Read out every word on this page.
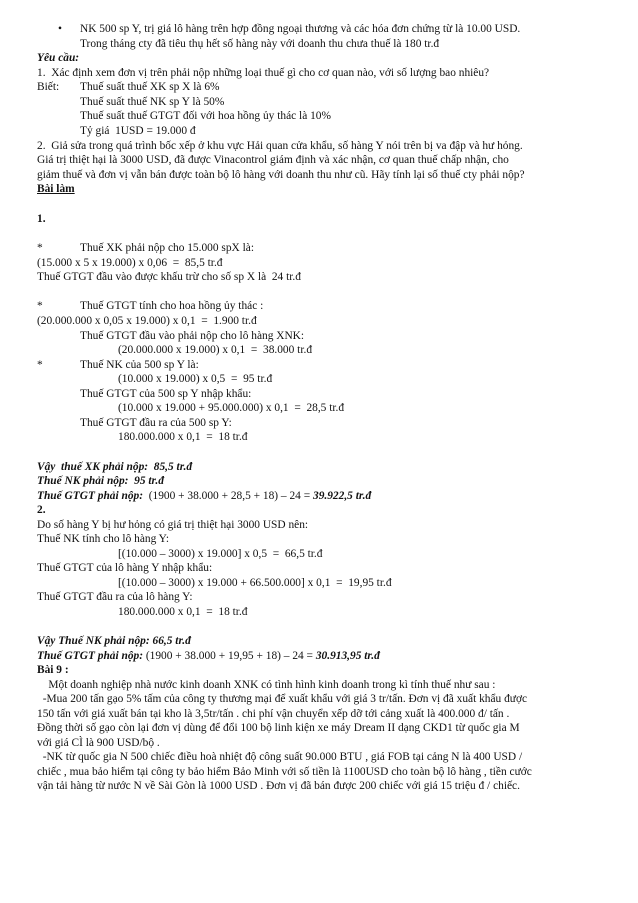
• NK 500 sp Y, trị giá lô hàng trên hợp đồng ngoại thương và các hóa đơn chứng từ là 10.00 USD.
Trong tháng cty đã tiêu thụ hết số hàng này với doanh thu chưa thuế là 180 tr.đ
Yêu cầu:
1.  Xác định xem đơn vị trên phải nộp những loại thuế gì cho cơ quan nào, với số lượng bao nhiêu?
Biết: Thuế suất thuế XK sp X là 6%
Thuế suất thuế NK sp Y là 50%
Thuế suất thuế GTGT đối với hoa hồng ủy thác là 10%
Tỷ giá  1USD = 19.000 đ
2.  Giả sửa trong quá trình bốc xếp ở khu vực Hải quan cửa khẩu, số hàng Y nói trên bị va đập và hư hỏng.
Giá trị thiệt hại là 3000 USD, đã được Vinacontrol giám định và xác nhận, cơ quan thuế chấp nhận, cho
giảm thuế và đơn vị vẫn bán được toàn bộ lô hàng với doanh thu như cũ. Hãy tính lại số thuế cty phải nộp?
Bài làm
1.
*	Thuế XK phải nộp cho 15.000 spX là:
(15.000 x 5 x 19.000) x 0,06  =  85,5 tr.đ
Thuế GTGT đầu vào được khấu trừ cho số sp X là  24 tr.đ
*	Thuế GTGT tính cho hoa hồng ủy thác :
(20.000.000 x 0,05 x 19.000) x 0,1  =  1.900 tr.đ
Thuế GTGT đầu vào phải nộp cho lô hàng XNK:
(20.000.000 x 19.000) x 0,1  =  38.000 tr.đ
*	Thuế NK của 500 sp Y là:
(10.000 x 19.000) x 0,5  =  95 tr.đ
Thuế GTGT của 500 sp Y nhập khẩu:
(10.000 x 19.000 + 95.000.000) x 0,1  =  28,5 tr.đ
Thuế GTGT đầu ra của 500 sp Y:
180.000.000 x 0,1  =  18 tr.đ
Vậy  thuế XK phải nộp:  85,5 tr.đ
Thuế NK phải nộp:  95 tr.đ
Thuế GTGT phải nộp:  (1900 + 38.000 + 28,5 + 18) – 24 = 39.922,5 tr.đ
2.
Do số hàng Y bị hư hỏng có giá trị thiệt hại 3000 USD nên:
Thuế NK tính cho lô hàng Y:
[(10.000 – 3000) x 19.000] x 0,5  =  66,5 tr.đ
Thuế GTGT của lô hàng Y nhập khẩu:
[(10.000 – 3000) x 19.000 + 66.500.000] x 0,1  =  19,95 tr.đ
Thuế GTGT đầu ra của lô hàng Y:
180.000.000 x 0,1  =  18 tr.đ
Vậy Thuế NK phải nộp: 66,5 tr.đ
Thuế GTGT phải nộp: (1900 + 38.000 + 19,95 + 18) – 24 = 30.913,95 tr.đ
Bài 9 :
Một doanh nghiệp nhà nước kinh doanh XNK có tình hình kinh doanh trong kì tính thuế như sau :
-Mua 200 tấn gạo 5% tấm của công ty thương mại để xuất khẩu với giá 3 tr/tấn. Đơn vị đã xuất khẩu được
150 tấn với giá xuất bán tại kho là 3,5tr/tấn . chi phí vận chuyển xếp dỡ tới cảng xuất là 400.000 đ/ tấn .
Đồng thời số gạo còn lại đơn vị dùng để đổi 100 bộ linh kiện xe máy Dream II dạng CKD1 từ quốc gia M
với giá CÌ là 900 USD/bộ .
-NK từ quốc gia N 500 chiếc điều hoà nhiệt độ công suất 90.000 BTU , giá FOB tại cảng N là 400 USD /
chiếc , mua bảo hiểm tại công ty bảo hiểm Bảo Minh với số tiền là 1100USD cho toàn bộ lô hàng , tiền cước
vận tải hàng từ nước N về Sài Gòn là 1000 USD . Đơn vị đã bán được 200 chiếc với giá 15 triệu đ / chiếc.
